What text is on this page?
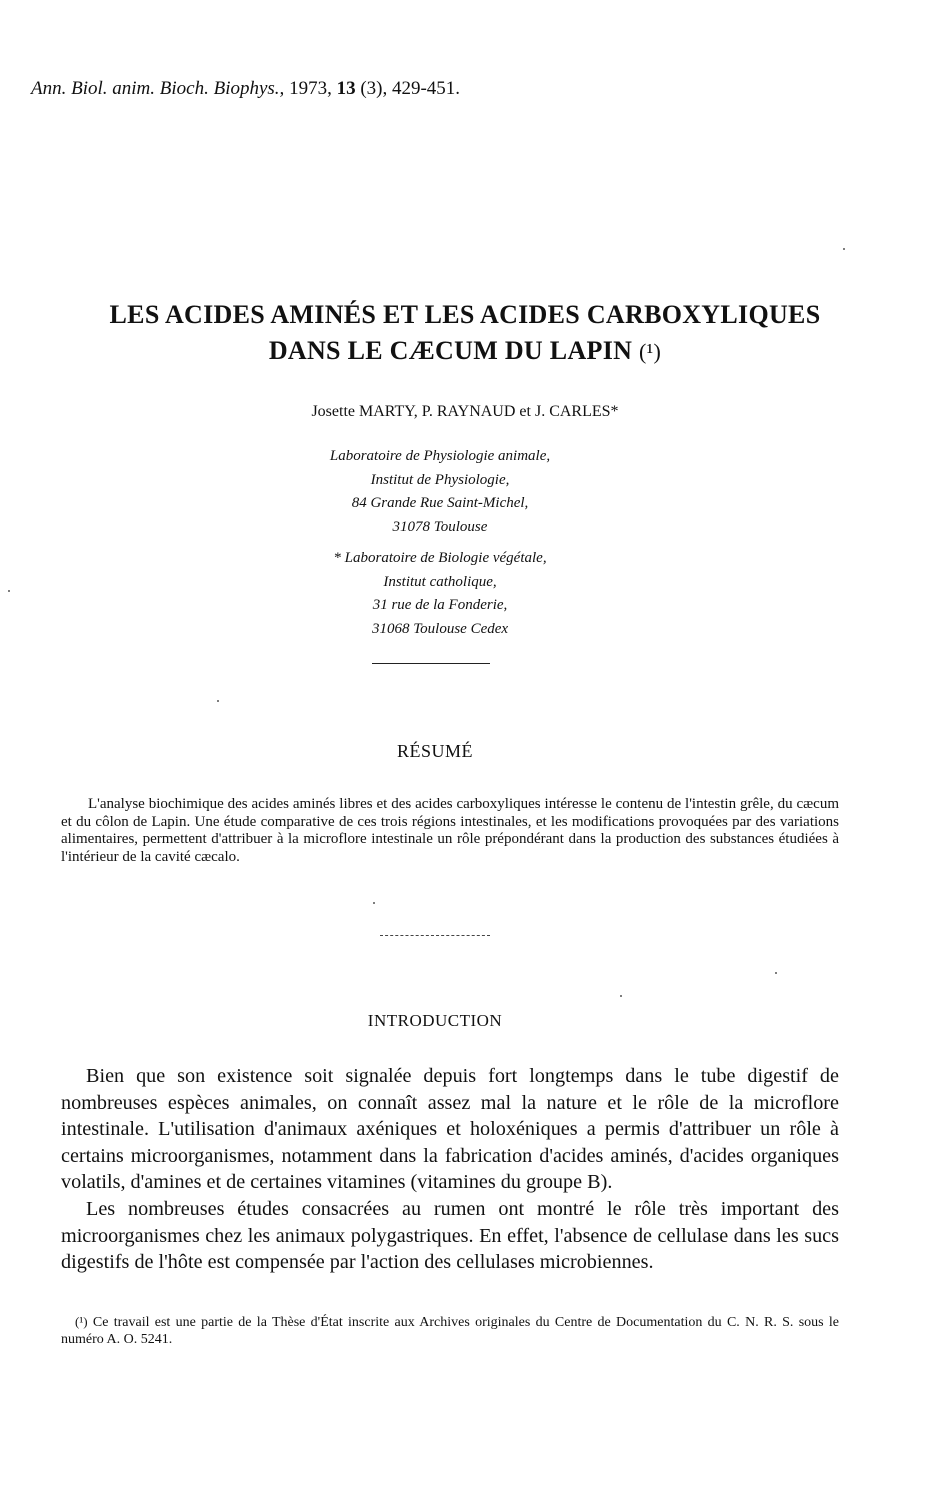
Ann. Biol. anim. Bioch. Biophys., 1973, 13 (3), 429-451.
LES ACIDES AMINÉS ET LES ACIDES CARBOXYLIQUES
DANS LE CÆCUM DU LAPIN (¹)
Josette MARTY, P. RAYNAUD et J. CARLES*
Laboratoire de Physiologie animale,
Institut de Physiologie,
84 Grande Rue Saint-Michel,
31078 Toulouse
* Laboratoire de Biologie végétale,
Institut catholique,
31 rue de la Fonderie,
31068 Toulouse Cedex
RÉSUMÉ
L'analyse biochimique des acides aminés libres et des acides carboxyliques intéresse le contenu de l'intestin grêle, du cæcum et du côlon de Lapin. Une étude comparative de ces trois régions intestinales, et les modifications provoquées par des variations alimentaires, permettent d'attribuer à la microflore intestinale un rôle prépondérant dans la production des substances étudiées à l'intérieur de la cavité cæcalo.
INTRODUCTION

Bien que son existence soit signalée depuis fort longtemps dans le tube digestif de nombreuses espèces animales, on connaît assez mal la nature et le rôle de la microflore intestinale. L'utilisation d'animaux axéniques et holoxéniques a permis d'attribuer un rôle à certains microorganismes, notamment dans la fabrication d'acides aminés, d'acides organiques volatils, d'amines et de certaines vitamines (vitamines du groupe B).

Les nombreuses études consacrées au rumen ont montré le rôle très important des microorganismes chez les animaux polygastriques. En effet, l'absence de cellulase dans les sucs digestifs de l'hôte est compensée par l'action des cellulases microbiennes.

(¹) Ce travail est une partie de la Thèse d'État inscrite aux Archives originales du Centre de Documentation du C. N. R. S. sous le numéro A. O. 5241.
